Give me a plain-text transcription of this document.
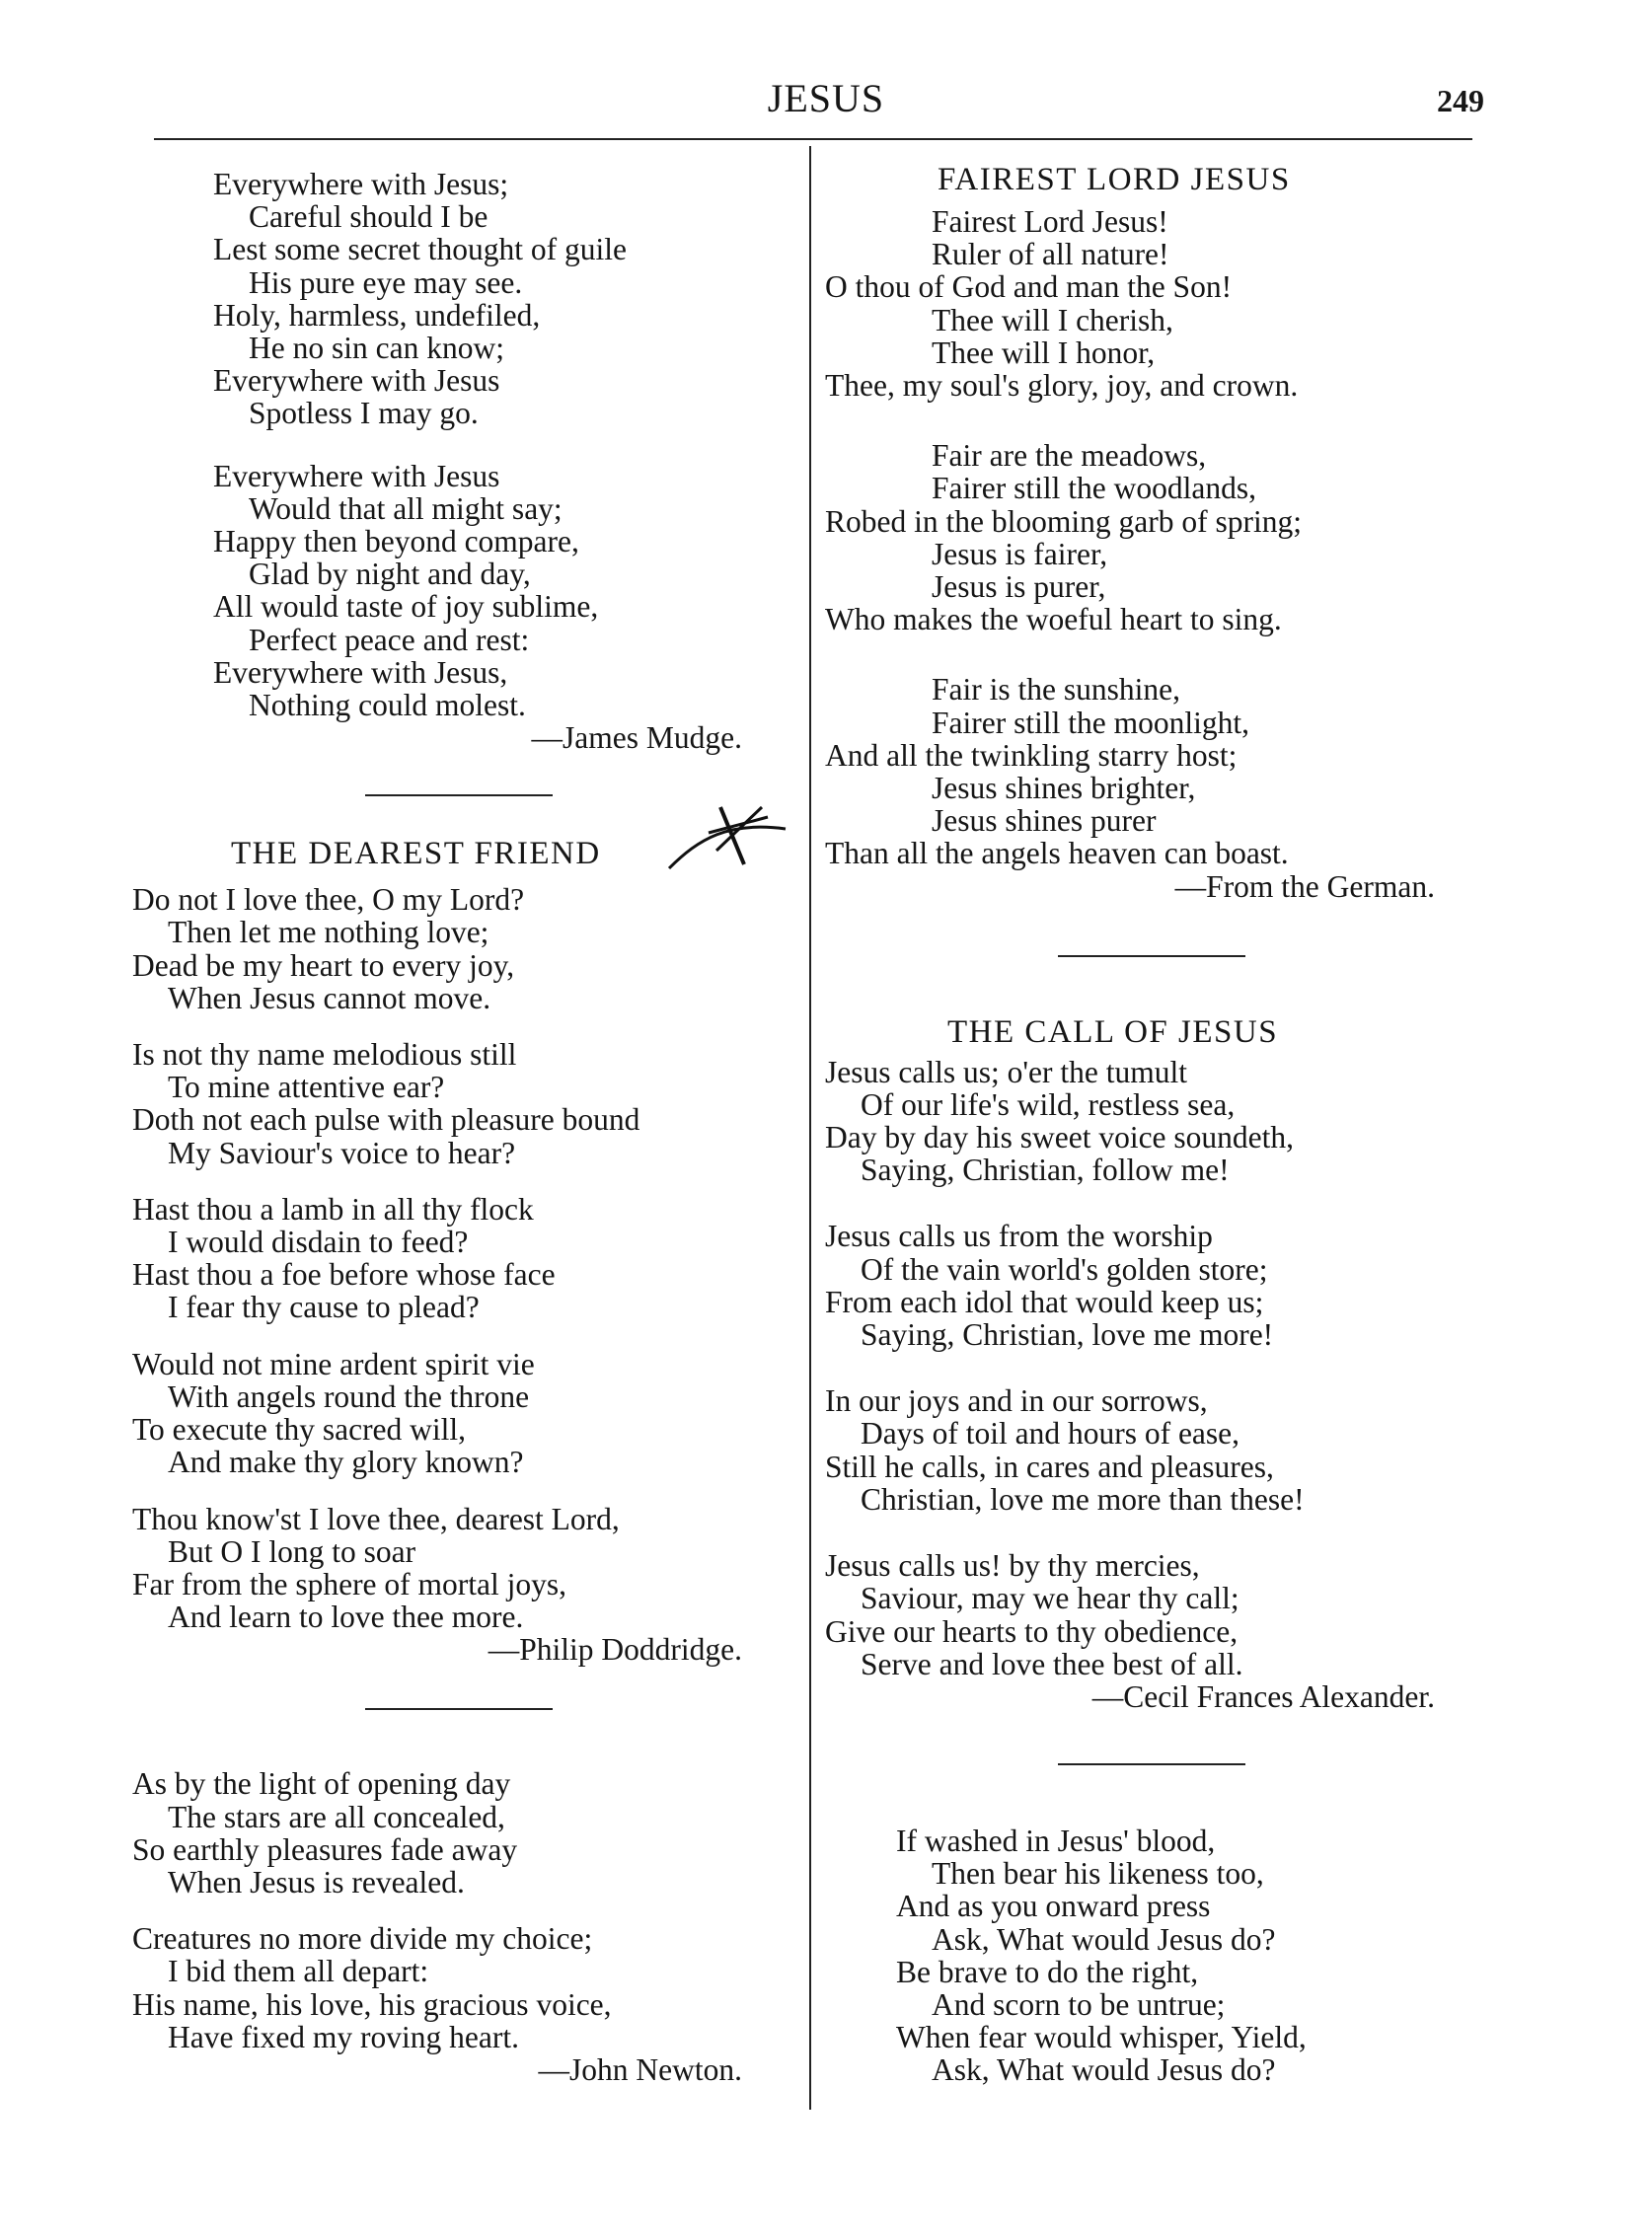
JESUS	249
Everywhere with Jesus;
Careful should I be
Lest some secret thought of guile
His pure eye may see.
Holy, harmless, undefiled,
He no sin can know;
Everywhere with Jesus
Spotless I may go.
Everywhere with Jesus
Would that all might say;
Happy then beyond compare,
Glad by night and day,
All would taste of joy sublime,
Perfect peace and rest:
Everywhere with Jesus,
Nothing could molest.
—James Mudge.
THE DEAREST FRIEND
Do not I love thee, O my Lord?
Then let me nothing love;
Dead be my heart to every joy,
When Jesus cannot move.
Is not thy name melodious still
To mine attentive ear?
Doth not each pulse with pleasure bound
My Saviour's voice to hear?
Hast thou a lamb in all thy flock
I would disdain to feed?
Hast thou a foe before whose face
I fear thy cause to plead?
Would not mine ardent spirit vie
With angels round the throne
To execute thy sacred will,
And make thy glory known?
Thou know'st I love thee, dearest Lord,
But O I long to soar
Far from the sphere of mortal joys,
And learn to love thee more.
—Philip Doddridge.
As by the light of opening day
The stars are all concealed,
So earthly pleasures fade away
When Jesus is revealed.
Creatures no more divide my choice;
I bid them all depart:
His name, his love, his gracious voice,
Have fixed my roving heart.
—John Newton.
FAIREST LORD JESUS
Fairest Lord Jesus!
Ruler of all nature!
O thou of God and man the Son!
Thee will I cherish,
Thee will I honor,
Thee, my soul's glory, joy, and crown.
Fair are the meadows,
Fairer still the woodlands,
Robed in the blooming garb of spring;
Jesus is fairer,
Jesus is purer,
Who makes the woeful heart to sing.
Fair is the sunshine,
Fairer still the moonlight,
And all the twinkling starry host;
Jesus shines brighter,
Jesus shines purer
Than all the angels heaven can boast.
—From the German.
THE CALL OF JESUS
Jesus calls us; o'er the tumult
Of our life's wild, restless sea,
Day by day his sweet voice soundeth,
Saying, Christian, follow me!
Jesus calls us from the worship
Of the vain world's golden store;
From each idol that would keep us;
Saying, Christian, love me more!
In our joys and in our sorrows,
Days of toil and hours of ease,
Still he calls, in cares and pleasures,
Christian, love me more than these!
Jesus calls us! by thy mercies,
Saviour, may we hear thy call;
Give our hearts to thy obedience,
Serve and love thee best of all.
—Cecil Frances Alexander.
If washed in Jesus' blood,
Then bear his likeness too,
And as you onward press
Ask, What would Jesus do?
Be brave to do the right,
And scorn to be untrue;
When fear would whisper, Yield,
Ask, What would Jesus do?
